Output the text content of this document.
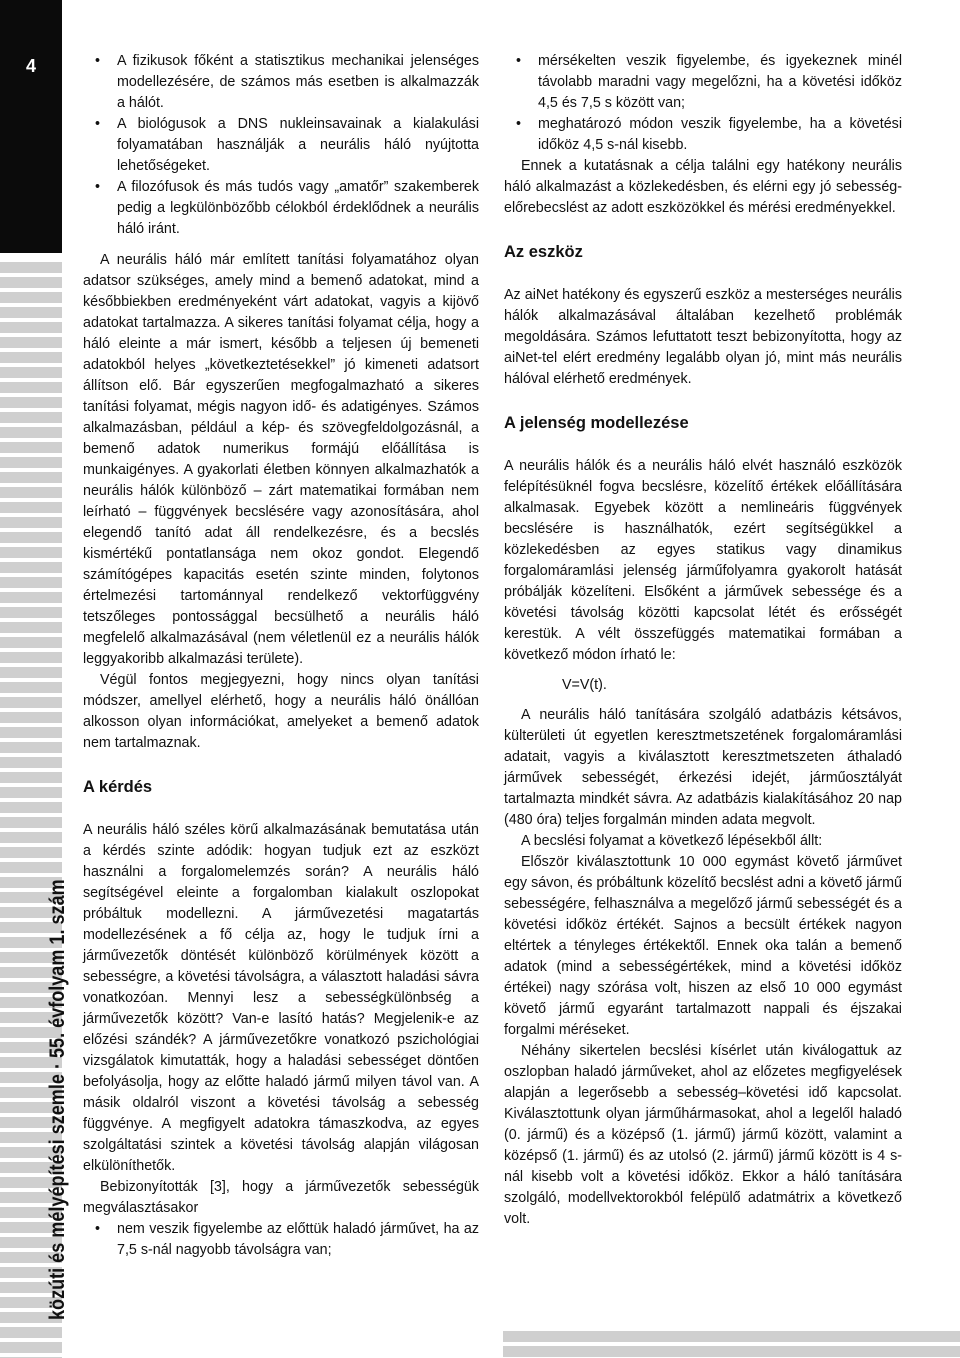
4
közúti és mélyépítési szemle · 55. évfolyam 1. szám
• A fizikusok főként a statisztikus mechanikai jelenséges modellezésére, de számos más esetben is alkalmazzák a hálót.
• A biológusok a DNS nukleinsavainak a kialakulási folyamatában használják a neurális háló nyújtotta lehetőségeket.
• A filozófusok és más tudós vagy „amatőr” szakemberek pedig a legkülönbözőbb célokból érdeklődnek a neurális háló iránt.

A neurális háló már említett tanítási folyamatához olyan adatsor szükséges, amely mind a bemenő adatokat, mind a későbbiekben eredményeként várt adatokat, vagyis a kijövő adatokat tartalmazza. A sikeres tanítási folyamat célja, hogy a háló eleinte a már ismert, később a teljesen új bemeneti adatokból helyes „következtetésekkel” jó kimeneti adatsort állítson elő. Bár egyszerűen megfogalmazható a sikeres tanítási folyamat, mégis nagyon idő- és adatigényes. Számos alkalmazásban, például a kép- és szövegfeldolgozásnál, a bemenő adatok numerikus formájú előállítása is munkaigényes. A gyakorlati életben könnyen alkalmazhatók a neurális hálók különböző – zárt matematikai formában nem leírható – függvények becslésére vagy azonosítására, ahol elegendő tanító adat áll rendelkezésre, és a becslés kismértékű pontatlansága nem okoz gondot. Elegendő számítógépes kapacitás esetén szinte minden, folytonos értelmezési tartománnyal rendelkező vektorfüggvény tetszőleges pontossággal becsülhető a neurális háló megfelelő alkalmazásával (nem véletlenül ez a neurális hálók leggyakoribb alkalmazási területe).

Végül fontos megjegyezni, hogy nincs olyan tanítási módszer, amellyel elérhető, hogy a neurális háló önállóan alkosson olyan információkat, amelyeket a bemenő adatok nem tartalmaznak.

A kérdés

A neurális háló széles körű alkalmazásának bemutatása után a kérdés szinte adódik: hogyan tudjuk ezt az eszközt használni a forgalomelemzés során? A neurális háló segítségével eleinte a forgalomban kialakult oszlopokat próbáltuk modellezni. A járművezetési magatartás modellezésének a fő célja az, hogy le tudjuk írni a járművezetők döntését különböző körülmények között a sebességre, a követési távolságra, a választott haladási sávra vonatkozóan. Mennyi lesz a sebességkülönbség a járművezetők között? Van-e lasító hatás? Megjelenik-e az előzési szándék? A járművezetőkre vonatkozó pszichológiai vizsgálatok kimutatták, hogy a haladási sebességet döntően befolyásolja, hogy az előtte haladó jármű milyen távol van. A másik oldalról viszont a követési távolság a sebesség függvénye. A megfigyelt adatokra támaszkodva, az egyes szolgáltatási szintek a követési távolság alapján világosan elkülöníthetők.

Bebizonyították [3], hogy a járművezetők sebességük megválasztásakor

• nem veszik figyelembe az előttük haladó járművet, ha az 7,5 s-nál nagyobb távolságra van;
• mérsékelten veszik figyelembe, és igyekeznek minél távolabb maradni vagy megelőzni, ha a követési időköz 4,5 és 7,5 s között van;
• meghatározó módon veszik figyelembe, ha a követési időköz 4,5 s-nál kisebb.

Ennek a kutatásnak a célja találni egy hatékony neurális háló alkalmazást a közlekedésben, és elérni egy jó sebesség-előrebecslést az adott eszközökkel és mérési eredményekkel.

Az eszköz

Az aiNet hatékony és egyszerű eszköz a mesterséges neurális hálók alkalmazásával általában kezelhető problémák megoldására. Számos lefuttatott teszt bebizonyította, hogy az aiNet-tel elért eredmény legalább olyan jó, mint más neurális hálóval elérhető eredmények.

A jelenség modellezése

A neurális hálók és a neurális háló elvét használó eszközök felépítésüknél fogva becslésre, közelítő értékek előállítására alkalmasak. Egyebek között a nemlineáris függvények becslésére is használhatók, ezért segítségükkel a közlekedésben az egyes statikus vagy dinamikus forgalomáramlási jelenség járműfolyamra gyakorolt hatását próbálják közelíteni. Elsőként a járművek sebessége és a követési távolság közötti kapcsolat létét és erősségét kerestük. A vélt összefüggés matematikai formában a következő módon írható le:

V=V(t).

A neurális háló tanítására szolgáló adatbázis kétsávos, külterületi út egyetlen keresztmetszetének forgalomáramlási adatait, vagyis a kiválasztott keresztmetszeten áthaladó járművek sebességét, érkezési idejét, járműosztályát tartalmazta mindkét sávra. Az adatbázis kialakításához 20 nap (480 óra) teljes forgalmán minden adata megvolt.

A becslési folyamat a következő lépésekből állt:

Először kiválasztottunk 10 000 egymást követő járművet egy sávon, és próbáltunk közelítő becslést adni a követő jármű sebességére, felhasználva a megelőző jármű sebességét és a követési időköz értékét. Sajnos a becsült értékek nagyon eltértek a tényleges értékektől. Ennek oka talán a bemenő adatok (mind a sebességértékek, mind a követési időköz értékei) nagy szórása volt, hiszen az első 10 000 egymást követő jármű egyaránt tartalmazott nappali és éjszakai forgalmi méréseket.

Néhány sikertelen becslési kísérlet után kiválogattuk az oszlopban haladó járműveket, ahol az előzetes megfigyelések alapján a legerősebb a sebesség–követési idő kapcsolat. Kiválasztottunk olyan járműhármasokat, ahol a legelől haladó (0. jármű) és a középső (1. jármű) jármű között, valamint a középső (1. jármű) és az utolsó (2. jármű) jármű között is 4 s-nál kisebb volt a követési időköz. Ekkor a háló tanítására szolgáló, modellvektorokból felépülő adatmátrix a következő volt.
